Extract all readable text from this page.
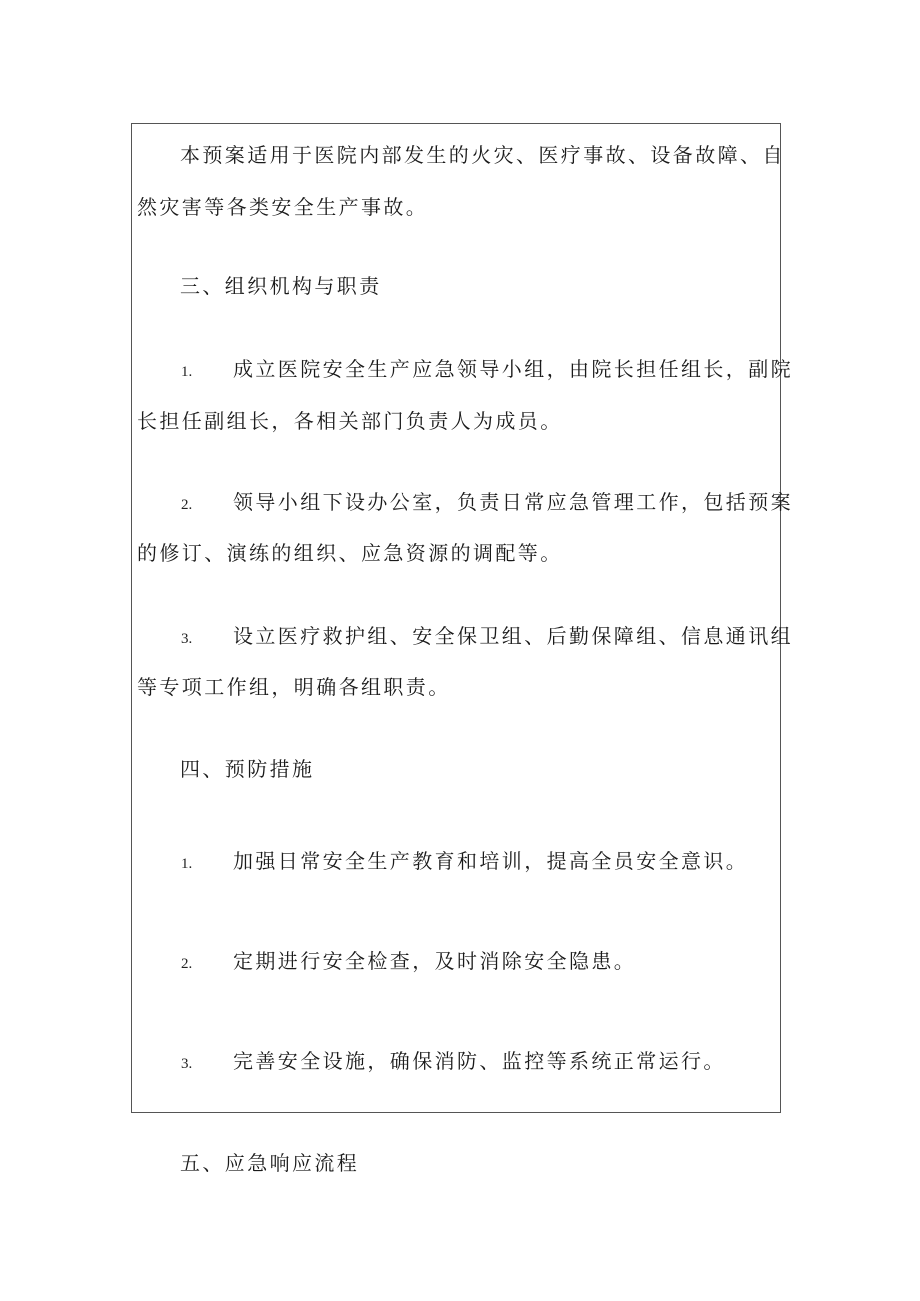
本预案适用于医院内部发生的火灾、医疗事故、设备故障、自
然灾害等各类安全生产事故。
三、组织机构与职责
1. 成立医院安全生产应急领导小组，由院长担任组长，副院
长担任副组长，各相关部门负责人为成员。
2. 领导小组下设办公室，负责日常应急管理工作，包括预案
的修订、演练的组织、应急资源的调配等。
3. 设立医疗救护组、安全保卫组、后勤保障组、信息通讯组
等专项工作组，明确各组职责。
四、预防措施
1. 加强日常安全生产教育和培训，提高全员安全意识。
2. 定期进行安全检查，及时消除安全隐患。
3. 完善安全设施，确保消防、监控等系统正常运行。
五、应急响应流程
